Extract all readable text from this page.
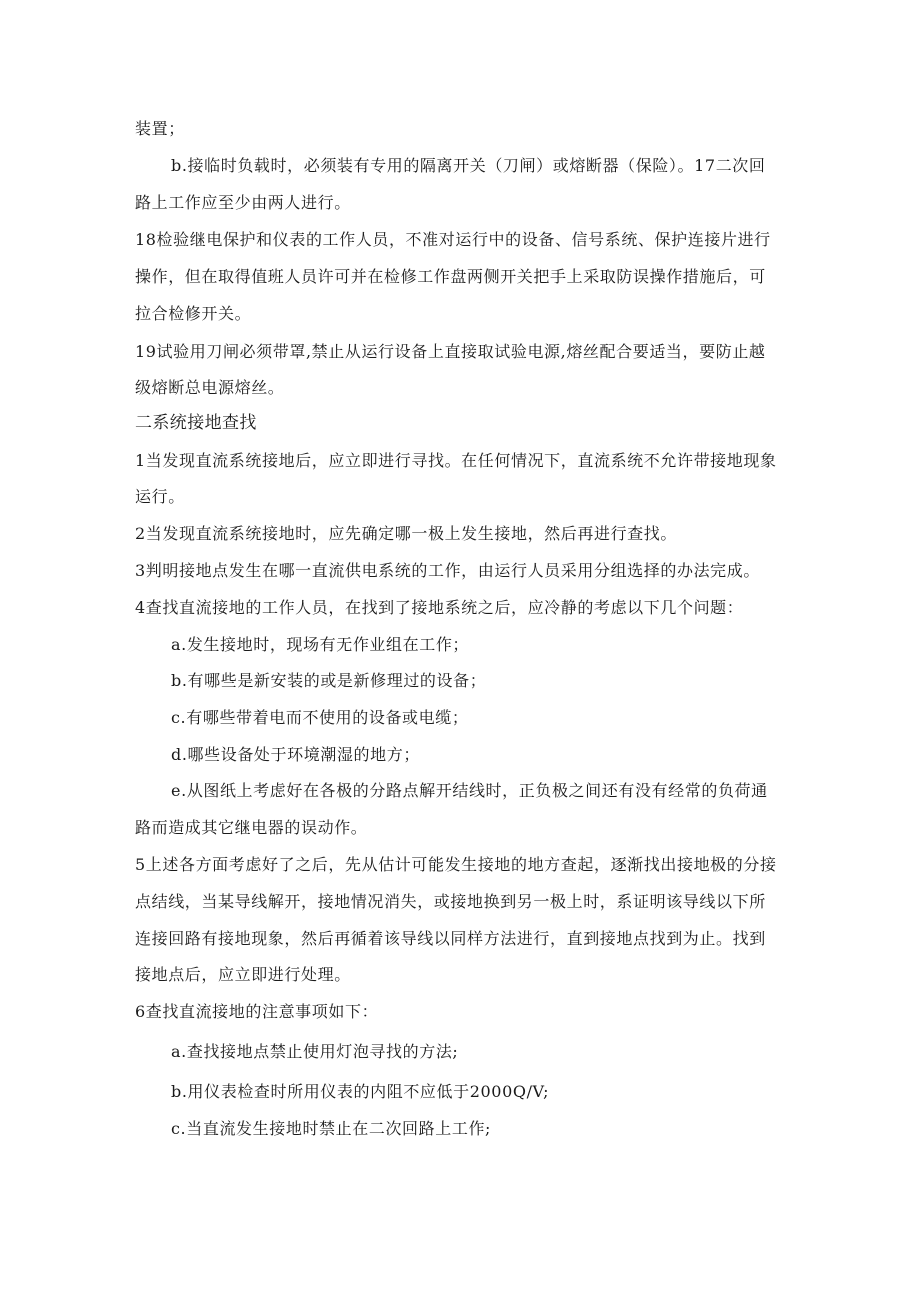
装置；
b.接临时负载时，必须装有专用的隔离开关（刀闸）或熔断器（保险）。17二次回
路上工作应至少由两人进行。
18检验继电保护和仪表的工作人员，不准对运行中的设备、信号系统、保护连接片进行
操作，但在取得值班人员许可并在检修工作盘两侧开关把手上采取防误操作措施后，可
拉合检修开关。
19试验用刀闸必须带罩,禁止从运行设备上直接取试验电源,熔丝配合要适当，要防止越
级熔断总电源熔丝。
二系统接地查找
1当发现直流系统接地后，应立即进行寻找。在任何情况下，直流系统不允许带接地现象
运行。
2当发现直流系统接地时，应先确定哪一极上发生接地，然后再进行查找。
3判明接地点发生在哪一直流供电系统的工作，由运行人员采用分组选择的办法完成。
4查找直流接地的工作人员，在找到了接地系统之后，应冷静的考虑以下几个问题：
a.发生接地时，现场有无作业组在工作；
b.有哪些是新安装的或是新修理过的设备；
c.有哪些带着电而不使用的设备或电缆；
d.哪些设备处于环境潮湿的地方；
e.从图纸上考虑好在各极的分路点解开结线时，正负极之间还有没有经常的负荷通
路而造成其它继电器的误动作。
5上述各方面考虑好了之后，先从估计可能发生接地的地方查起，逐渐找出接地极的分接
点结线，当某导线解开，接地情况消失，或接地换到另一极上时，系证明该导线以下所
连接回路有接地现象，然后再循着该导线以同样方法进行，直到接地点找到为止。找到
接地点后，应立即进行处理。
6查找直流接地的注意事项如下：
a.查找接地点禁止使用灯泡寻找的方法;
b.用仪表检查时所用仪表的内阻不应低于2000Q/V;
c.当直流发生接地时禁止在二次回路上工作;
